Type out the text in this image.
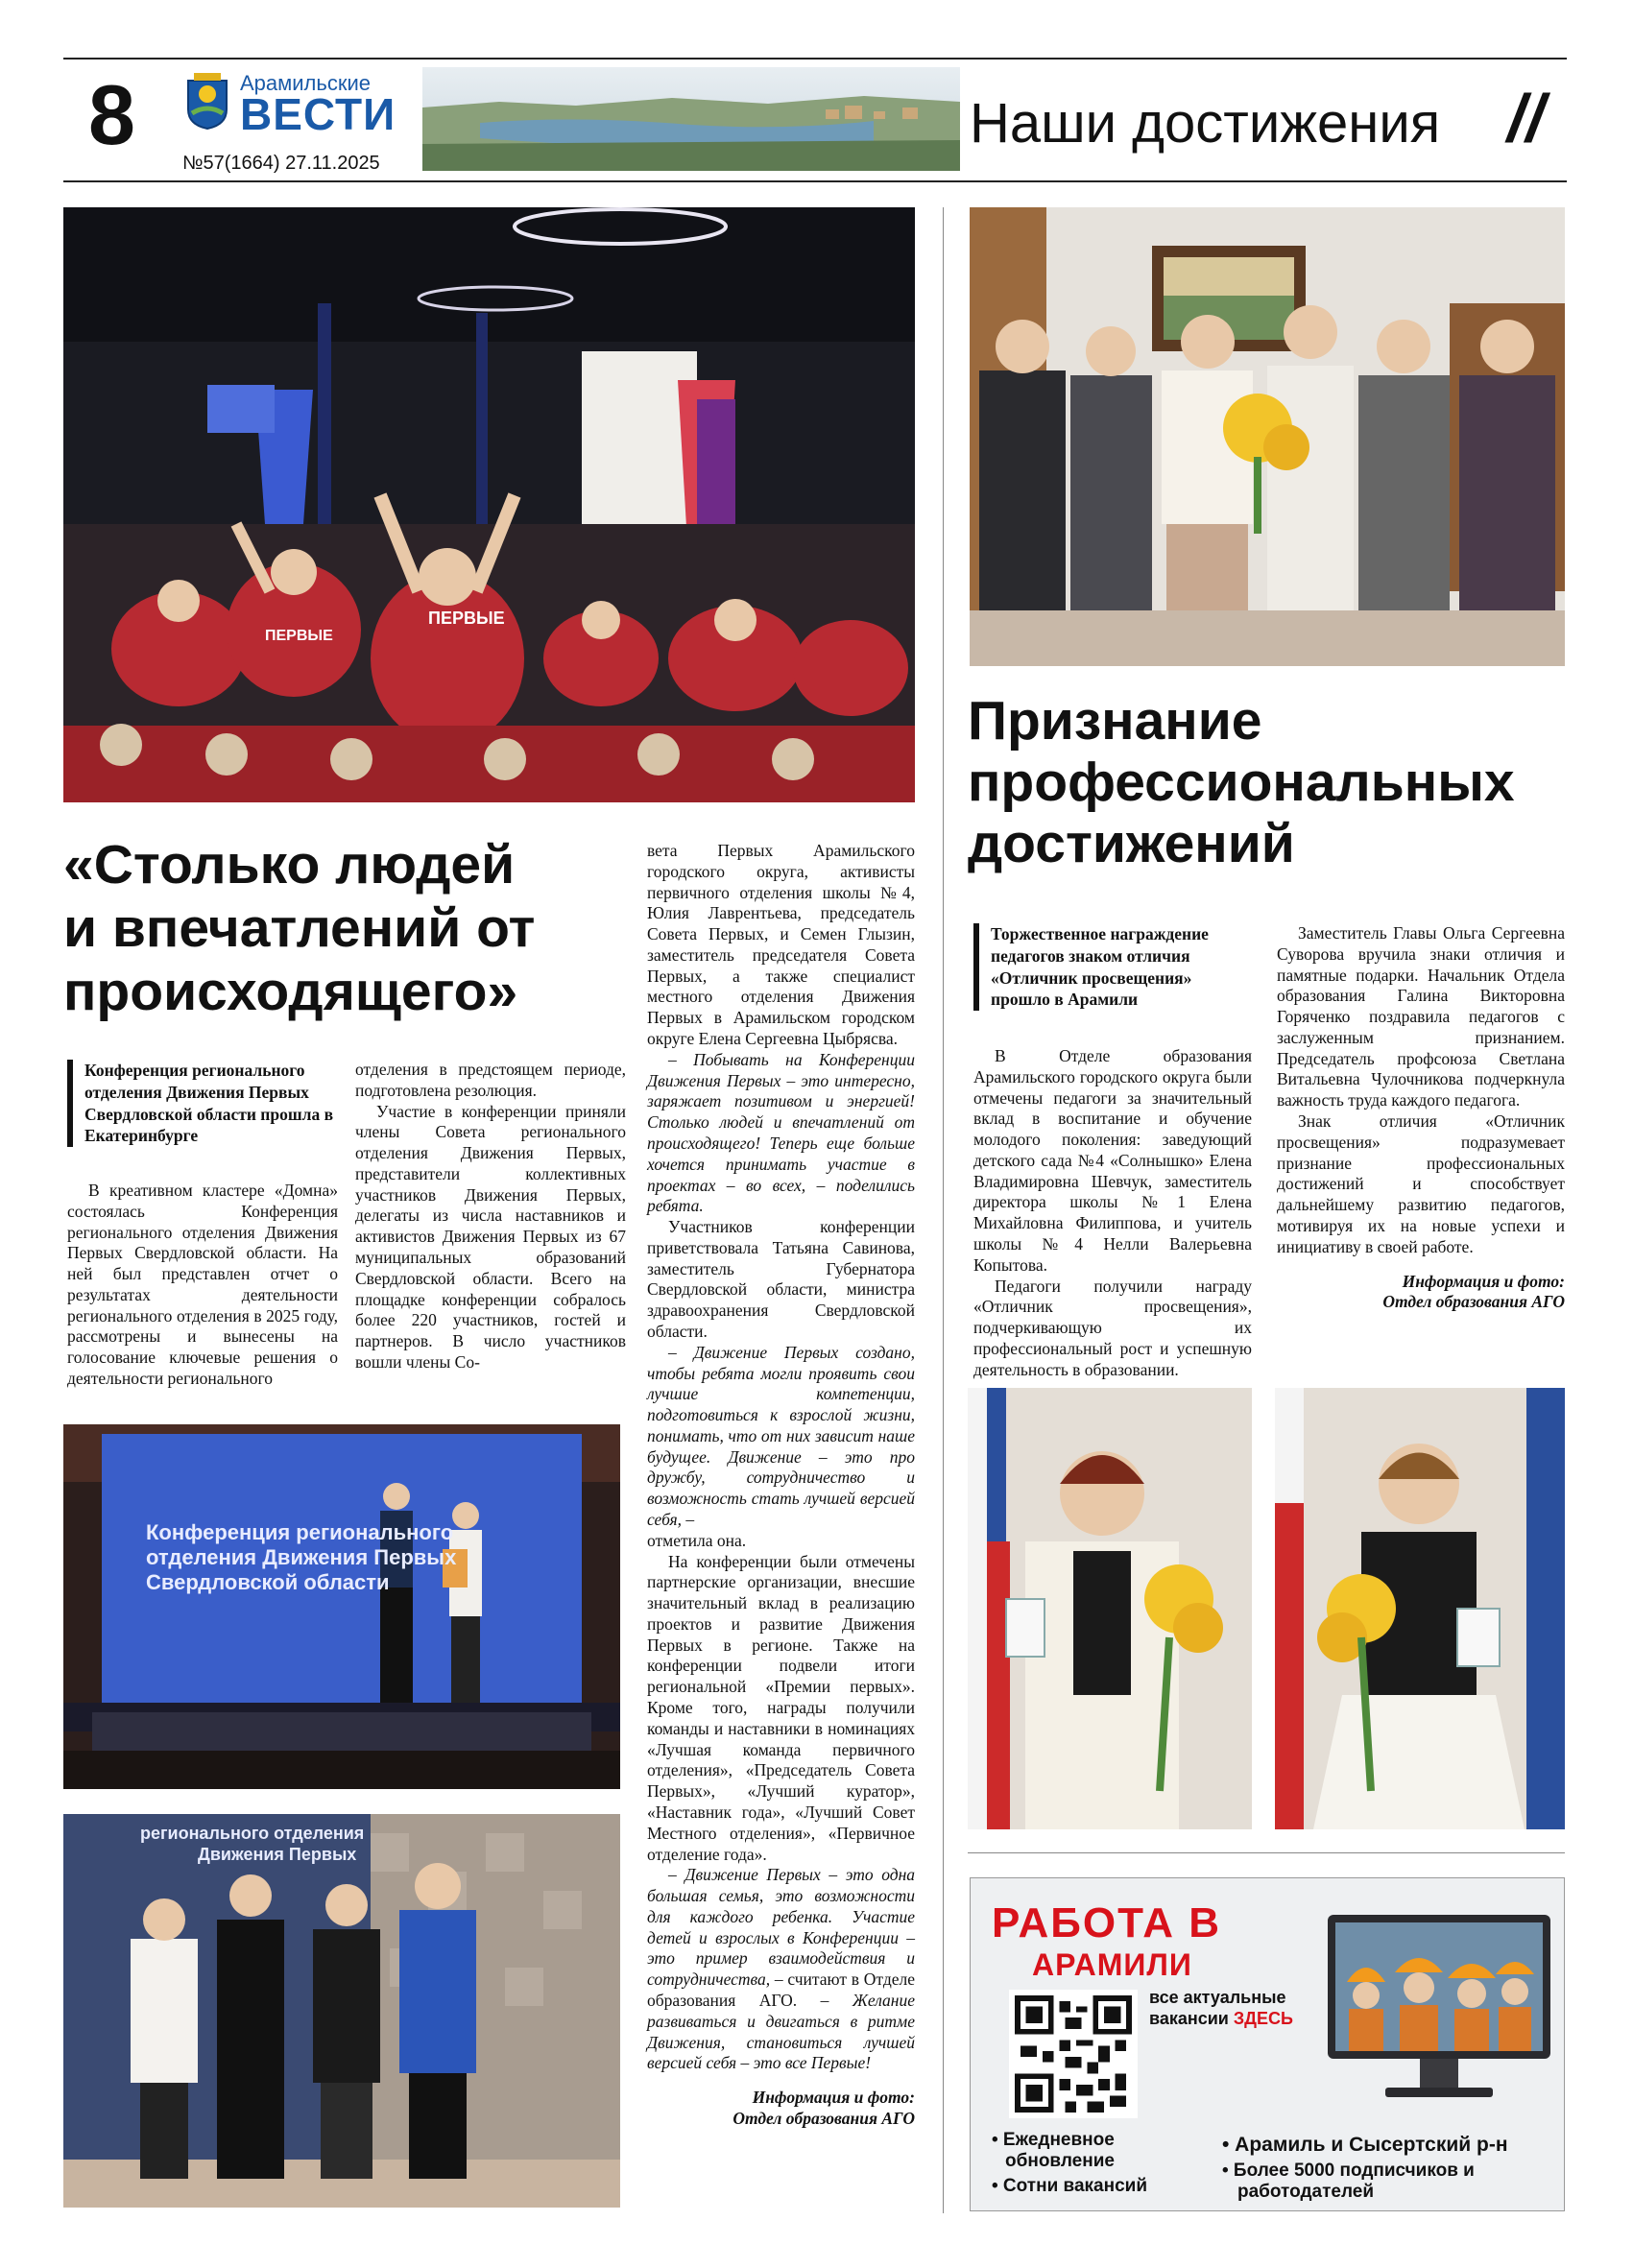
8	Арамильские
ВЕСТИ
№57(1664) 27.11.2025
Наши достижения //
ПЕРВЫЕ
ПЕРВЫЕ
Конференция регионального
отделения Движения Первых
Свердловской области
регионального отделения
Движения Первых
«Столько людей
и впечатлений от
происходящего»
Конференция регионального отделения Движения Первых Свердловской области прошла в Екатеринбурге

В креативном кластере «Домна» состоялась Конференция регионального отделения Движения Первых Свердловской области. На ней был представлен отчет о результатах деятельности регионального отделения в 2025 году, рассмотрены и вынесены на голосование ключевые решения о деятельности регионального

отделения в предстоящем периоде, подготовлена резолюция.

Участие в конференции приняли члены Совета регионального отделения Движения Первых, представители коллективных участников Движения Первых, делегаты из числа наставников и активистов Движения Первых из 67 муниципальных образований Свердловской области. Всего на площадке конференции собралось более 220 участников, гостей и партнеров. В число участников вошли члены Со-

вета Первых Арамильского городского округа, активисты первичного отделения школы №4, Юлия Лаврентьева, председатель Совета Первых, и Семен Глызин, заместитель председателя Совета Первых, а также специалист местного отделения Движения Первых в Арамильском городском округе Елена Сергеевна Цыбрясва.

– Побывать на Конференции Движения Первых – это интересно, заряжает позитивом и энергией! Столько людей и впечатлений от происходящего! Теперь еще больше хочется принимать участие в проектах – во всех, – поделились ребята.

Участников конференции приветствовала Татьяна Савинова, заместитель Губернатора Свердловской области, министра здравоохранения Свердловской области.

– Движение Первых создано, чтобы ребята могли проявить свои лучшие компетенции, подготовиться к взрослой жизни, понимать, что от них зависит наше будущее. Движение – это про дружбу, сотрудничество и возможность стать лучшей версией себя, –

отметила она.

На конференции были отмечены партнерские организации, внесшие значительный вклад в реализацию проектов и развитие Движения Первых в регионе. Также на конференции подвели итоги региональной «Премии первых». Кроме того, награды получили команды и наставники в номинациях «Лучшая команда первичного отделения», «Председатель Совета Первых», «Лучший куратор», «Наставник года», «Лучший Совет Местного отделения», «Первичное отделение года».

– Движение Первых – это одна большая семья, это возможности для каждого ребенка. Участие детей и взрослых в Конференции – это пример взаимодействия и сотрудничества, – считают в Отделе образования АГО. – Желание развиваться и двигаться в ритме Движения, становиться лучшей версией себя – это все Первые!

Информация и фото:

Отдел образования АГО

Признание
профессиональных
достижений
Торжественное награждение педагогов знаком отличия «Отличник просвещения» прошло в Арамили

В Отделе образования Арамильского городского округа были отмечены педагоги за значительный вклад в воспитание и обучение молодого поколения: заведующий детского сада №4 «Солнышко» Елена Владимировна Шевчук, заместитель директора школы №1 Елена Михайловна Филиппова, и учитель школы №4 Нелли Валерьевна Копытова.

Педагоги получили награду «Отличник просвещения», подчеркивающую их профессиональный рост и успешную деятельность в образовании.

Заместитель Главы Ольга Сергеевна Суворова вручила знаки отличия и памятные подарки. Начальник Отдела образования Галина Викторовна Горяченко поздравила педагогов с заслуженным признанием. Председатель профсоюза Светлана Витальевна Чулочникова подчеркнула важность труда каждого педагога.

Знак отличия «Отличник просвещения» подразумевает признание профессиональных достижений и способствует дальнейшему развитию педагогов, мотивируя их на новые успехи и инициативу в своей работе.

Информация и фото:

Отдел образования АГО

РАБОТА В
АРАМИЛИ
все актуальные
вакансии ЗДЕСЬ
• Ежедневное
обновление
• Сотни вакансий
• Арамиль и Сысертский р-н
• Более 5000 подписчиков и
работодателей
